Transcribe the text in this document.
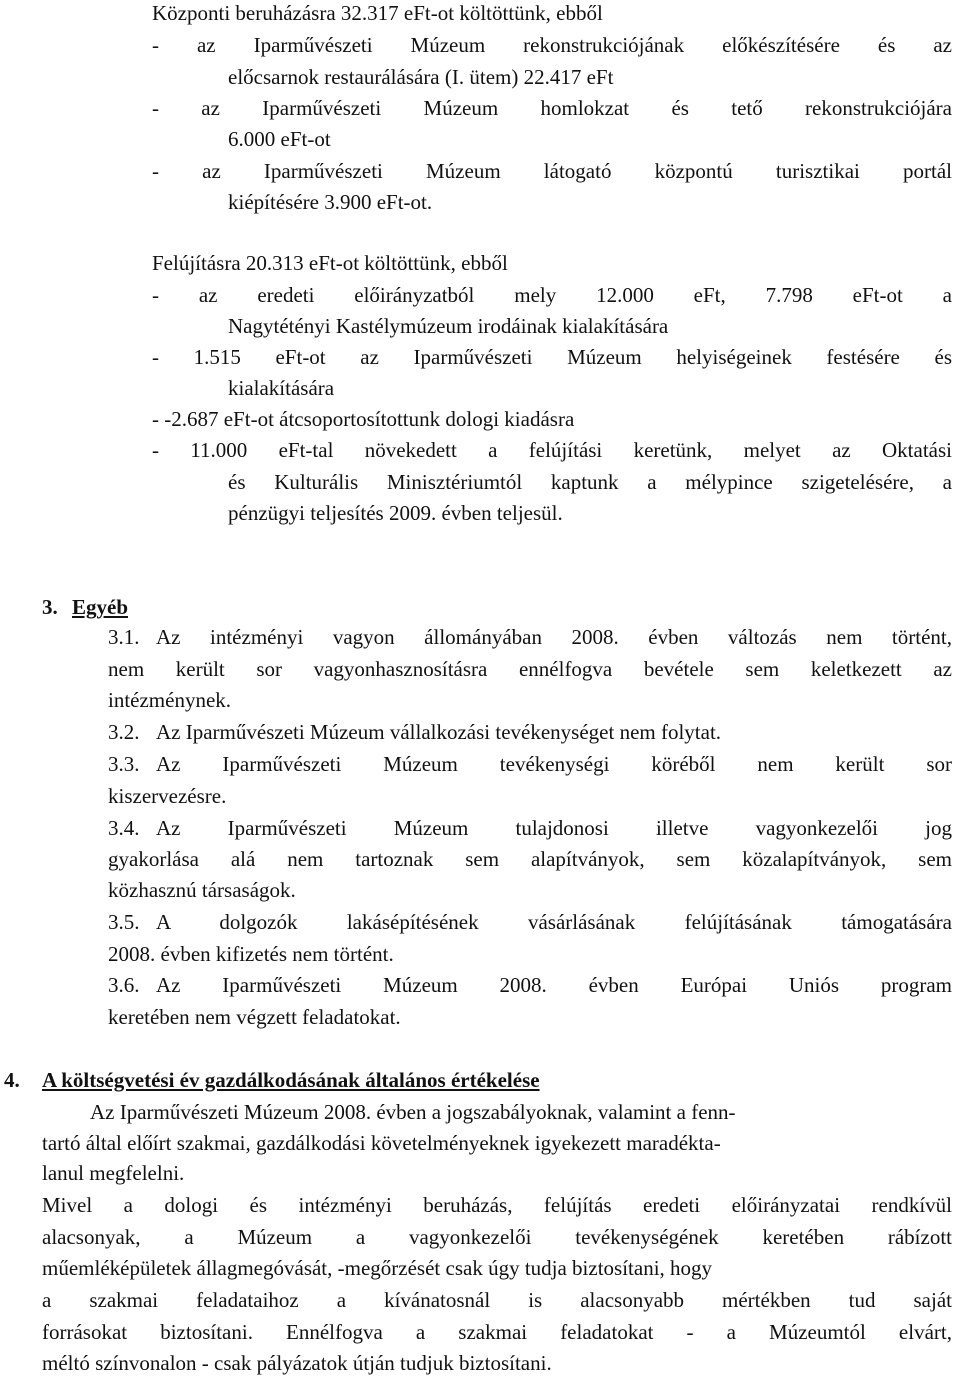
Központi beruházásra 32.317 eFt-ot költöttünk, ebből
- az Iparművészeti Múzeum rekonstrukciójának előkészítésére és az
előcsarnok restaurálására (I. ütem) 22.417 eFt
- az Iparművészeti Múzeum homlokzat és tető rekonstrukciójára
6.000 eFt-ot
- az Iparművészeti Múzeum látogató központú turisztikai portál
kiépítésére 3.900 eFt-ot.
Felújításra 20.313 eFt-ot költöttünk, ebből
- az eredeti előirányzatból mely 12.000 eFt, 7.798 eFt-ot a
Nagytétényi Kastélymúzeum irodáinak kialakítására
- 1.515 eFt-ot az Iparművészeti Múzeum helyiségeinek festésére és
kialakítására
- -2.687 eFt-ot átcsoportosítottunk dologi kiadásra
- 11.000 eFt-tal növekedett a felújítási keretünk, melyet az Oktatási
és Kulturális Minisztériumtól kaptunk a mélypince szigetelésére, a
pénzügyi teljesítés 2009. évben teljesül.
3. Egyéb
3.1. Az intézményi vagyon állományában 2008. évben változás nem történt,
nem került sor vagyonhasznosításra ennélfogva bevétele sem keletkezett az
intézménynek.
3.2. Az Iparművészeti Múzeum vállalkozási tevékenységet nem folytat.
3.3. Az Iparművészeti Múzeum tevékenységi köréből nem került sor
kiszervezésre.
3.4. Az Iparművészeti Múzeum tulajdonosi illetve vagyonkezelői jog
gyakorlása alá nem tartoznak sem alapítványok, sem közalapítványok, sem
közhasznú társaságok.
3.5. A dolgozók lakásépítésének vásárlásának felújításának támogatására
2008. évben kifizetés nem történt.
3.6. Az Iparművészeti Múzeum 2008. évben Európai Uniós program
keretében nem végzett feladatokat.
4. A költségvetési év gazdálkodásának általános értékelése
Az Iparművészeti Múzeum 2008. évben a jogszabályoknak, valamint a fenn-
tartó által előírt szakmai, gazdálkodási követelményeknek igyekezett maradékta-
lanul megfelelni.
Mivel a dologi és intézményi beruházás, felújítás eredeti előirányzatai rendkívül
alacsonyak, a Múzeum a vagyonkezelői tevékenységének keretében rábízott
műemléképületek állagmegóvását, -megőrzését csak úgy tudja biztosítani, hogy
a szakmai feladataihoz a kívánatosnál is alacsonyabb mértékben tud saját
forrásokat biztosítani. Ennélfogva a szakmai feladatokat - a Múzeumtól elvárt,
méltó színvonalon - csak pályázatok útján tudjuk biztosítani.
